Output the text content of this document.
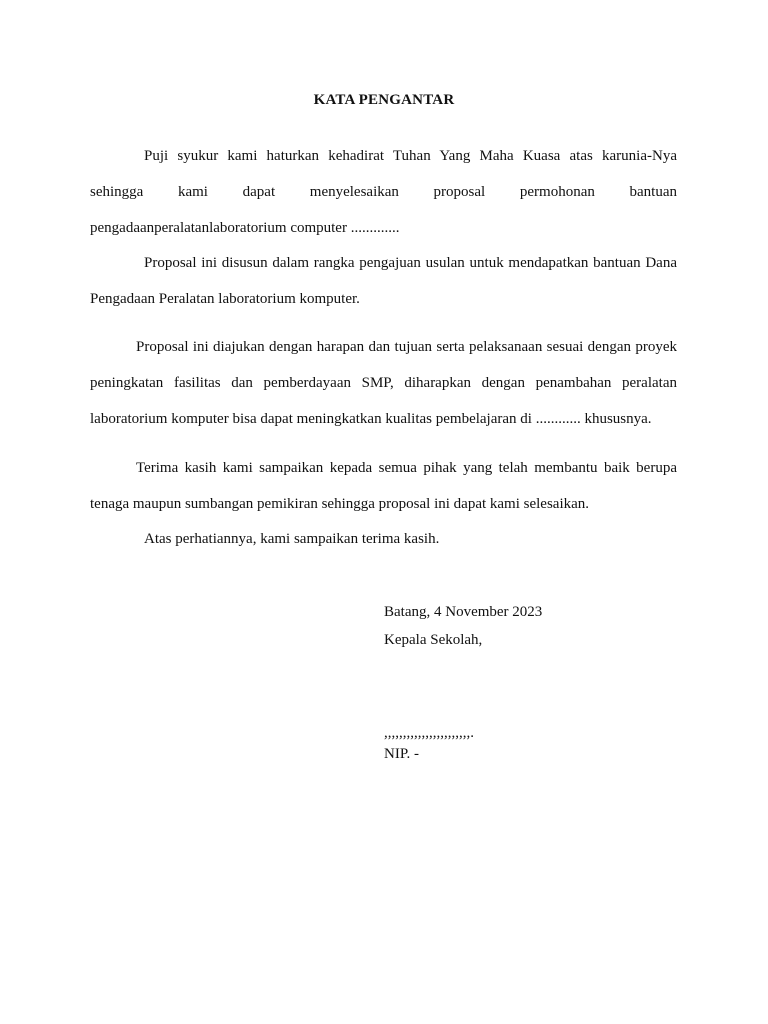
KATA PENGANTAR

Puji syukur kami haturkan kehadirat Tuhan Yang Maha Kuasa atas karunia-Nya sehingga kami dapat menyelesaikan proposal permohonan bantuan pengadaanperalatanlaboratorium computer .............

Proposal ini disusun dalam rangka pengajuan usulan untuk mendapatkan bantuan Dana Pengadaan Peralatan laboratorium komputer.

Proposal ini diajukan dengan harapan dan tujuan serta pelaksanaan sesuai dengan proyek peningkatan fasilitas dan pemberdayaan SMP, diharapkan dengan penambahan peralatan laboratorium komputer bisa dapat meningkatkan kualitas pembelajaran di ............ khususnya.

Terima kasih kami sampaikan kepada semua pihak yang telah membantu baik berupa tenaga maupun sumbangan pemikiran sehingga proposal ini dapat kami selesaikan.

Atas perhatiannya, kami sampaikan terima kasih.

Batang, 4 November 2023

Kepala Sekolah,

,,,,,,,,,,,,,,,,,,,,,,,.

NIP. -
